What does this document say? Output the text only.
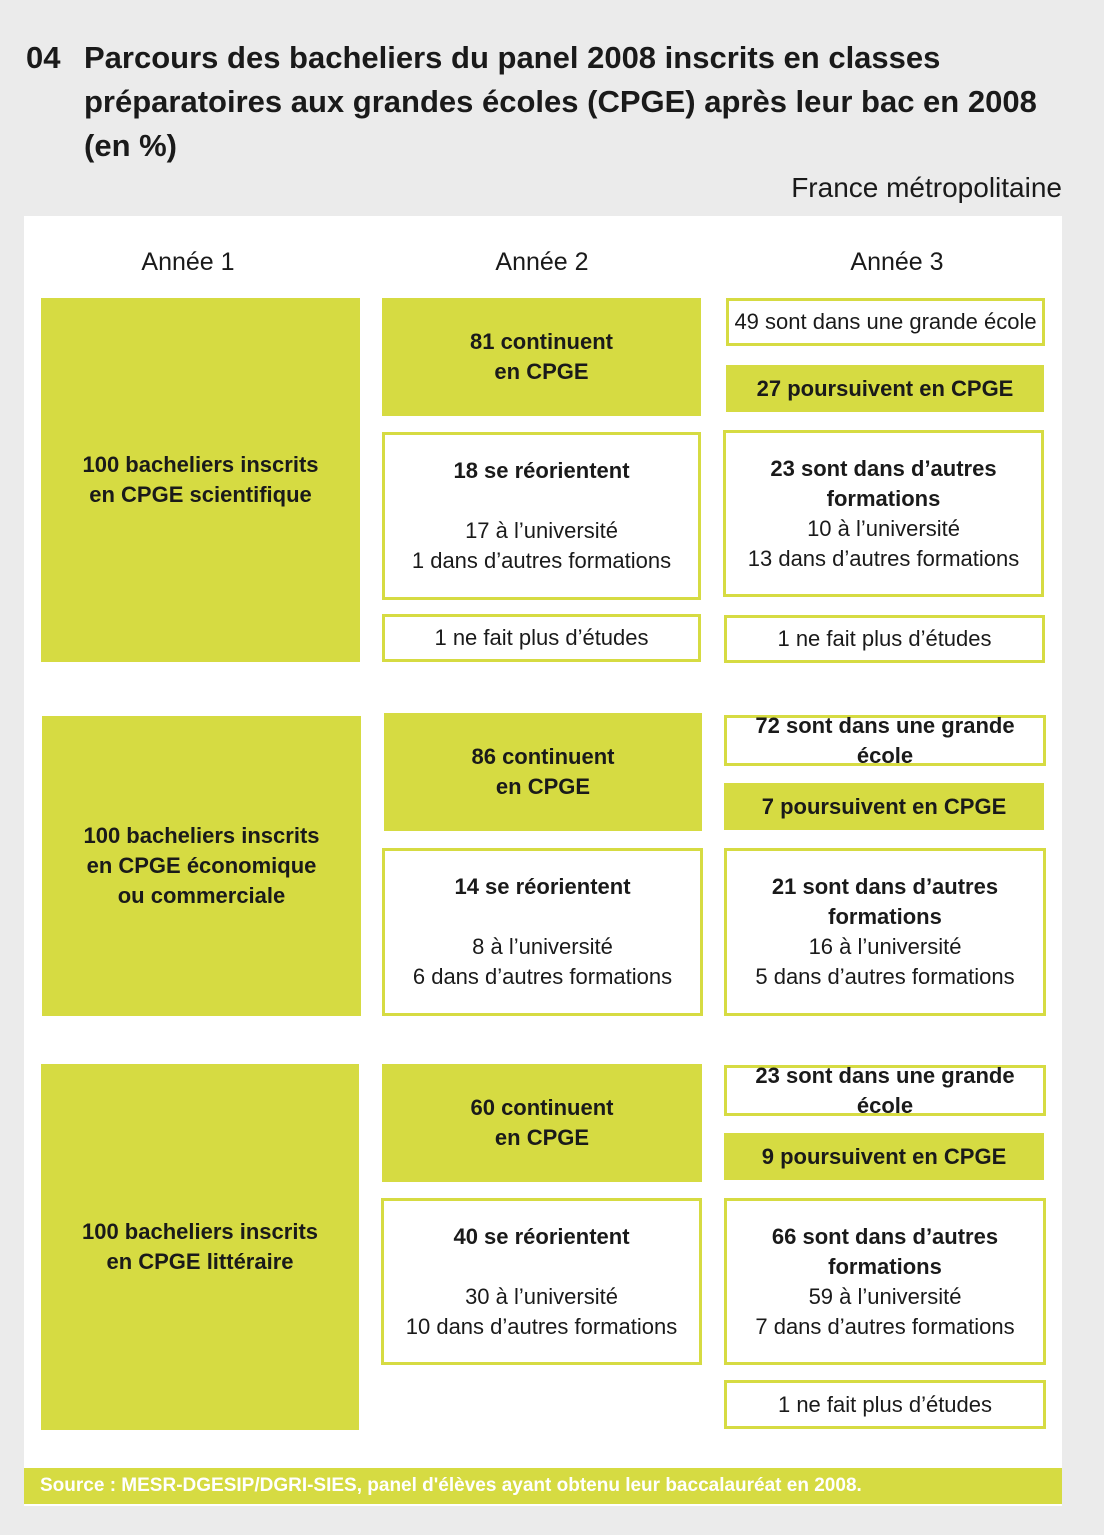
04 Parcours des bacheliers du panel 2008 inscrits en classes préparatoires aux grandes écoles (CPGE) après leur bac en 2008 (en %)
France métropolitaine
Année 1	Année 2	Année 3
100 bacheliers inscrits
en CPGE scientifique
81 continuent
en CPGE
18 se réorientent
17 à l’université
1 dans d’autres formations
1 ne fait plus d’études
49 sont dans une grande école
27 poursuivent en CPGE
23 sont dans d’autres
formations
10 à l’université
13 dans d’autres formations
1 ne fait plus d’études
100 bacheliers inscrits
en CPGE économique
ou commerciale
86 continuent
en CPGE
14 se réorientent
8 à l’université
6 dans d’autres formations
72 sont dans une grande école
7 poursuivent en CPGE
21 sont dans d’autres
formations
16 à l’université
5 dans d’autres formations
100 bacheliers inscrits
en CPGE littéraire
60 continuent
en CPGE
40 se réorientent
30 à l’université
10 dans d’autres formations
23 sont dans une grande école
9 poursuivent en CPGE
66 sont dans d’autres
formations
59 à l’université
7 dans d’autres formations
1 ne fait plus d’études
Source : MESR-DGESIP/DGRI-SIES, panel d'élèves ayant obtenu leur baccalauréat en 2008.
